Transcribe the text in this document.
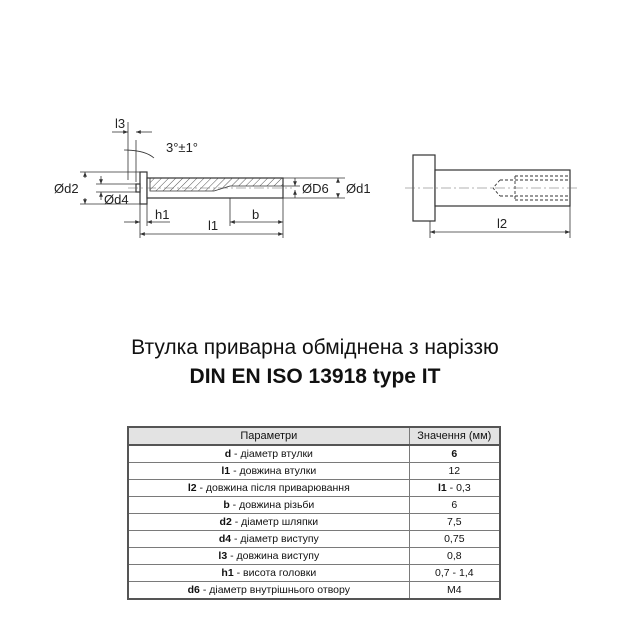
l3
3°±1°
Ød2
Ød4
ØD6 Ød1
h1	b
l1	l2
Втулка приварна обміднена з наріззю
DIN EN ISO 13918 type IT
Параметри	Значення (мм)
d - діаметр втулки	6
l1 - довжина втулки	12
l2 - довжина після приварювання	l1 - 0,3
b - довжина різьби	6
d2 - діаметр шляпки	7,5
d4 - діаметр виступу	0,75
l3 - довжина виступу	0,8
h1 - висота головки	0,7 - 1,4
d6 - діаметр внутрішнього отвору	M4
